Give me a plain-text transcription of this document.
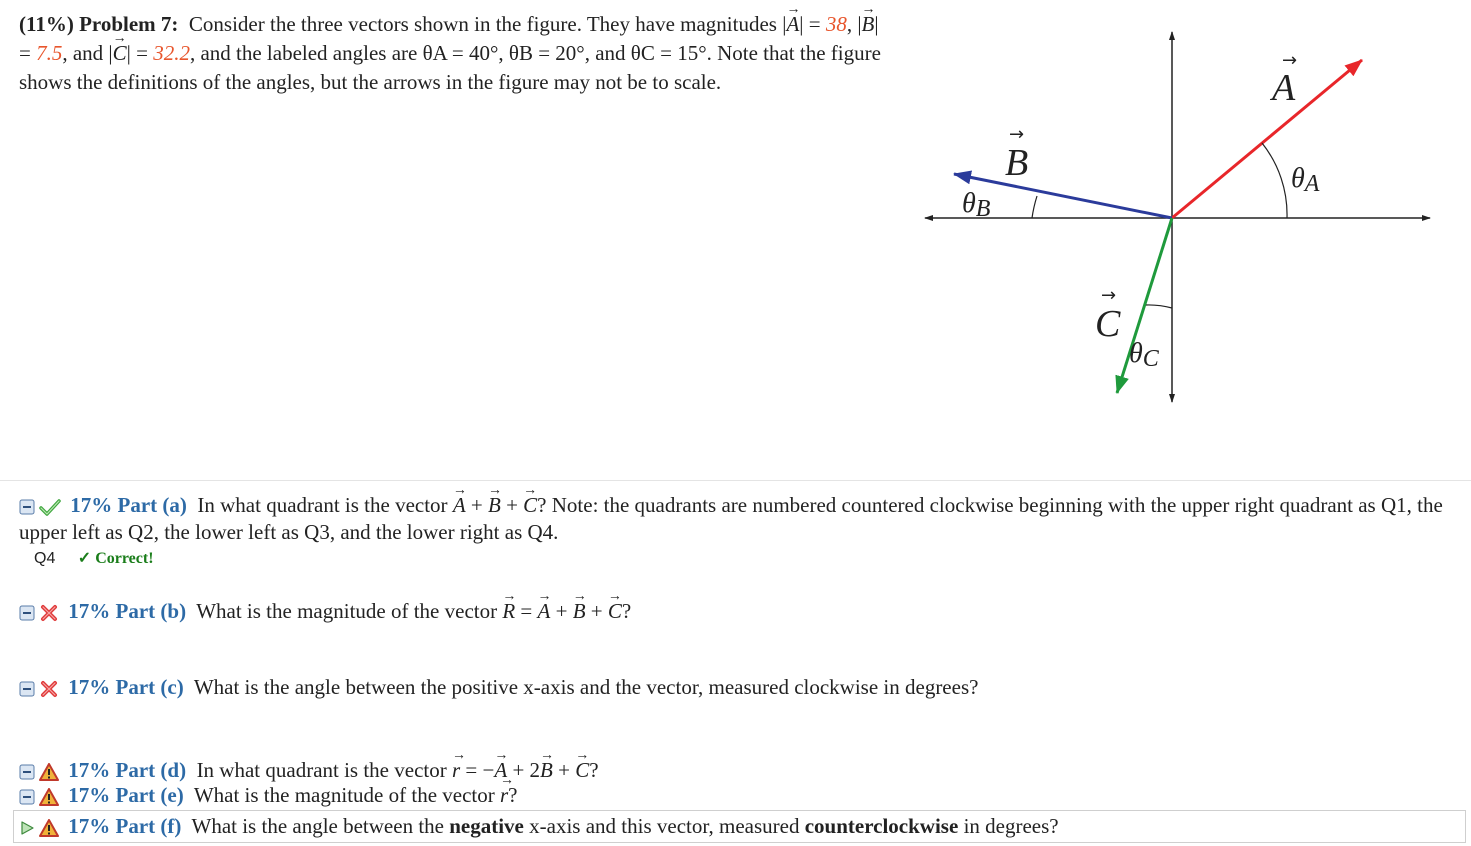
(11%) Problem 7: Consider the three vectors shown in the figure. They have magnitudes |→ A| = 38, |→ B| = 7.5, and |→ C| = 32.2, and the labeled angles are θA = 40°, θB = 20°, and θC = 15°. Note that the figure shows the definitions of the angles, but the arrows in the figure may not be to scale.	A
→
B
→
C
→
θA
θB
θC
17% Part (a) In what quadrant is the vector → A + → B + → C? Note: the quadrants are numbered countered clockwise beginning with the upper right quadrant as Q1, the upper left as Q2, the lower left as Q3, and the lower right as Q4.
Q4 ✓ Correct!
17% Part (b) What is the magnitude of the vector → R = → A + → B + → C?
17% Part (c) What is the angle between the positive x-axis and the vector, measured clockwise in degrees?
17% Part (d) In what quadrant is the vector → r = −→ A + 2→ B + → C?
17% Part (e) What is the magnitude of the vector → r?
17% Part (f) What is the angle between the negative x-axis and this vector, measured counterclockwise in degrees?
